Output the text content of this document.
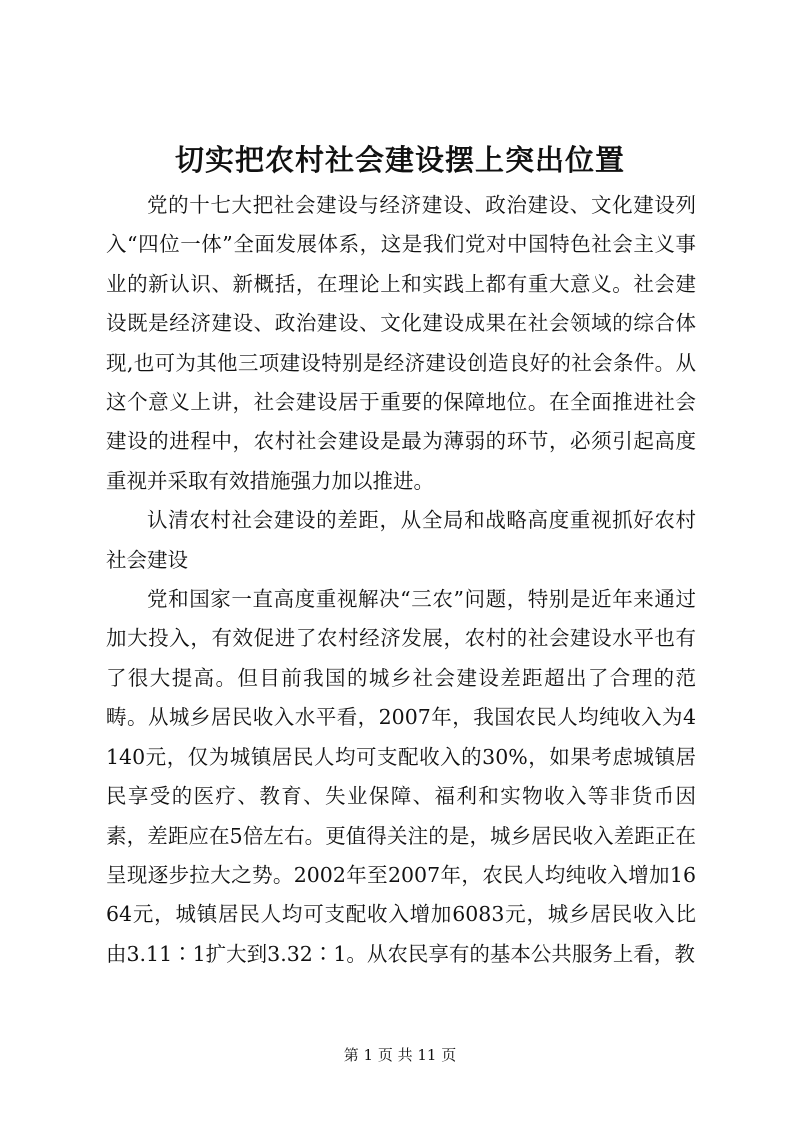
切实把农村社会建设摆上突出位置

党的十七大把社会建设与经济建设、政治建设、文化建设列入“四位一体”全面发展体系，这是我们党对中国特色社会主义事业的新认识、新概括，在理论上和实践上都有重大意义。社会建设既是经济建设、政治建设、文化建设成果在社会领域的综合体现,也可为其他三项建设特别是经济建设创造良好的社会条件。从这个意义上讲，社会建设居于重要的保障地位。在全面推进社会建设的进程中，农村社会建设是最为薄弱的环节，必须引起高度重视并采取有效措施强力加以推进。

认清农村社会建设的差距，从全局和战略高度重视抓好农村社会建设

党和国家一直高度重视解决“三农”问题，特别是近年来通过加大投入，有效促进了农村经济发展，农村的社会建设水平也有了很大提高。但目前我国的城乡社会建设差距超出了合理的范畴。从城乡居民收入水平看，2007年，我国农民人均纯收入为4140元，仅为城镇居民人均可支配收入的30%，如果考虑城镇居民享受的医疗、教育、失业保障、福利和实物收入等非货币因素，差距应在5倍左右。更值得关注的是，城乡居民收入差距正在呈现逐步拉大之势。2002年至2007年，农民人均纯收入增加1664元，城镇居民人均可支配收入增加6083元，城乡居民收入比由3.11∶1扩大到3.32∶1。从农民享有的基本公共服务上看，教

第 1 页 共 11 页
